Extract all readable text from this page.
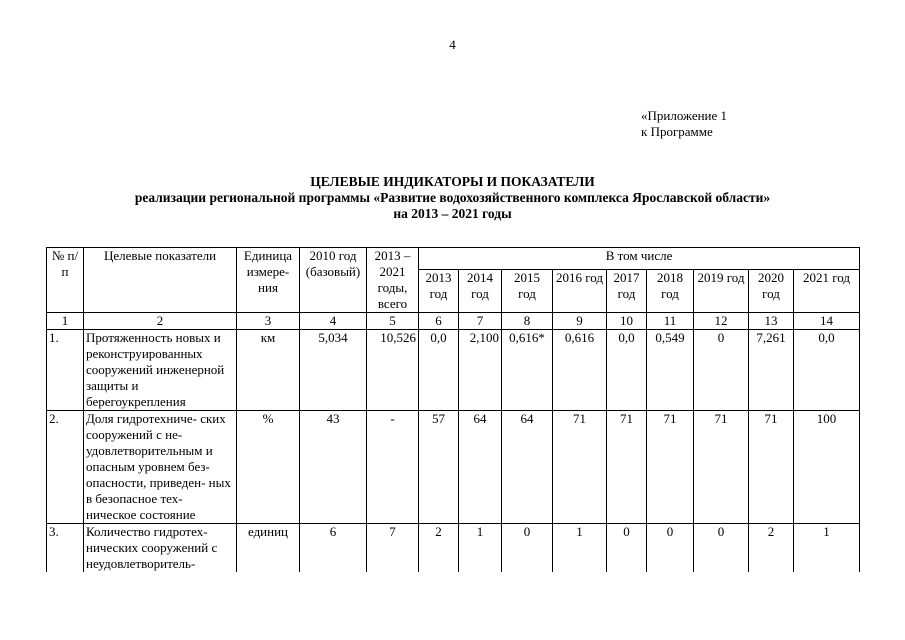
4
«Приложение 1
к Программе
ЦЕЛЕВЫЕ ИНДИКАТОРЫ И ПОКАЗАТЕЛИ
реализации региональной программы «Развитие водохозяйственного комплекса Ярославской области»
на 2013 – 2021 годы
№ п/п	Целевые показатели	Единица измере- ния	2010 год (базовый)	2013 – 2021 годы, всего	В том числе								
					2013 год	2014 год	2015 год	2016 год	2017 год	2018 год	2019 год	2020 год	2021 год
1	2	3	4	5	6	7	8	9	10	11	12	13	14
1.	Протяженность новых и реконструированных сооружений инженерной защиты и берегоукрепления	км	5,034	10,526	0,0	2,100	0,616*	0,616	0,0	0,549	0	7,261	0,0
2.	Доля гидротехниче- ских сооружений с не- удовлетворительным и опасным уровнем без- опасности, приведен- ных в безопасное тех- ническое состояние	%	43	-	57	64	64	71	71	71	71	71	100
3.	Количество гидротех- нических сооружений с неудовлетворитель-	единиц	6	7	2	1	0	1	0	0	0	2	1
